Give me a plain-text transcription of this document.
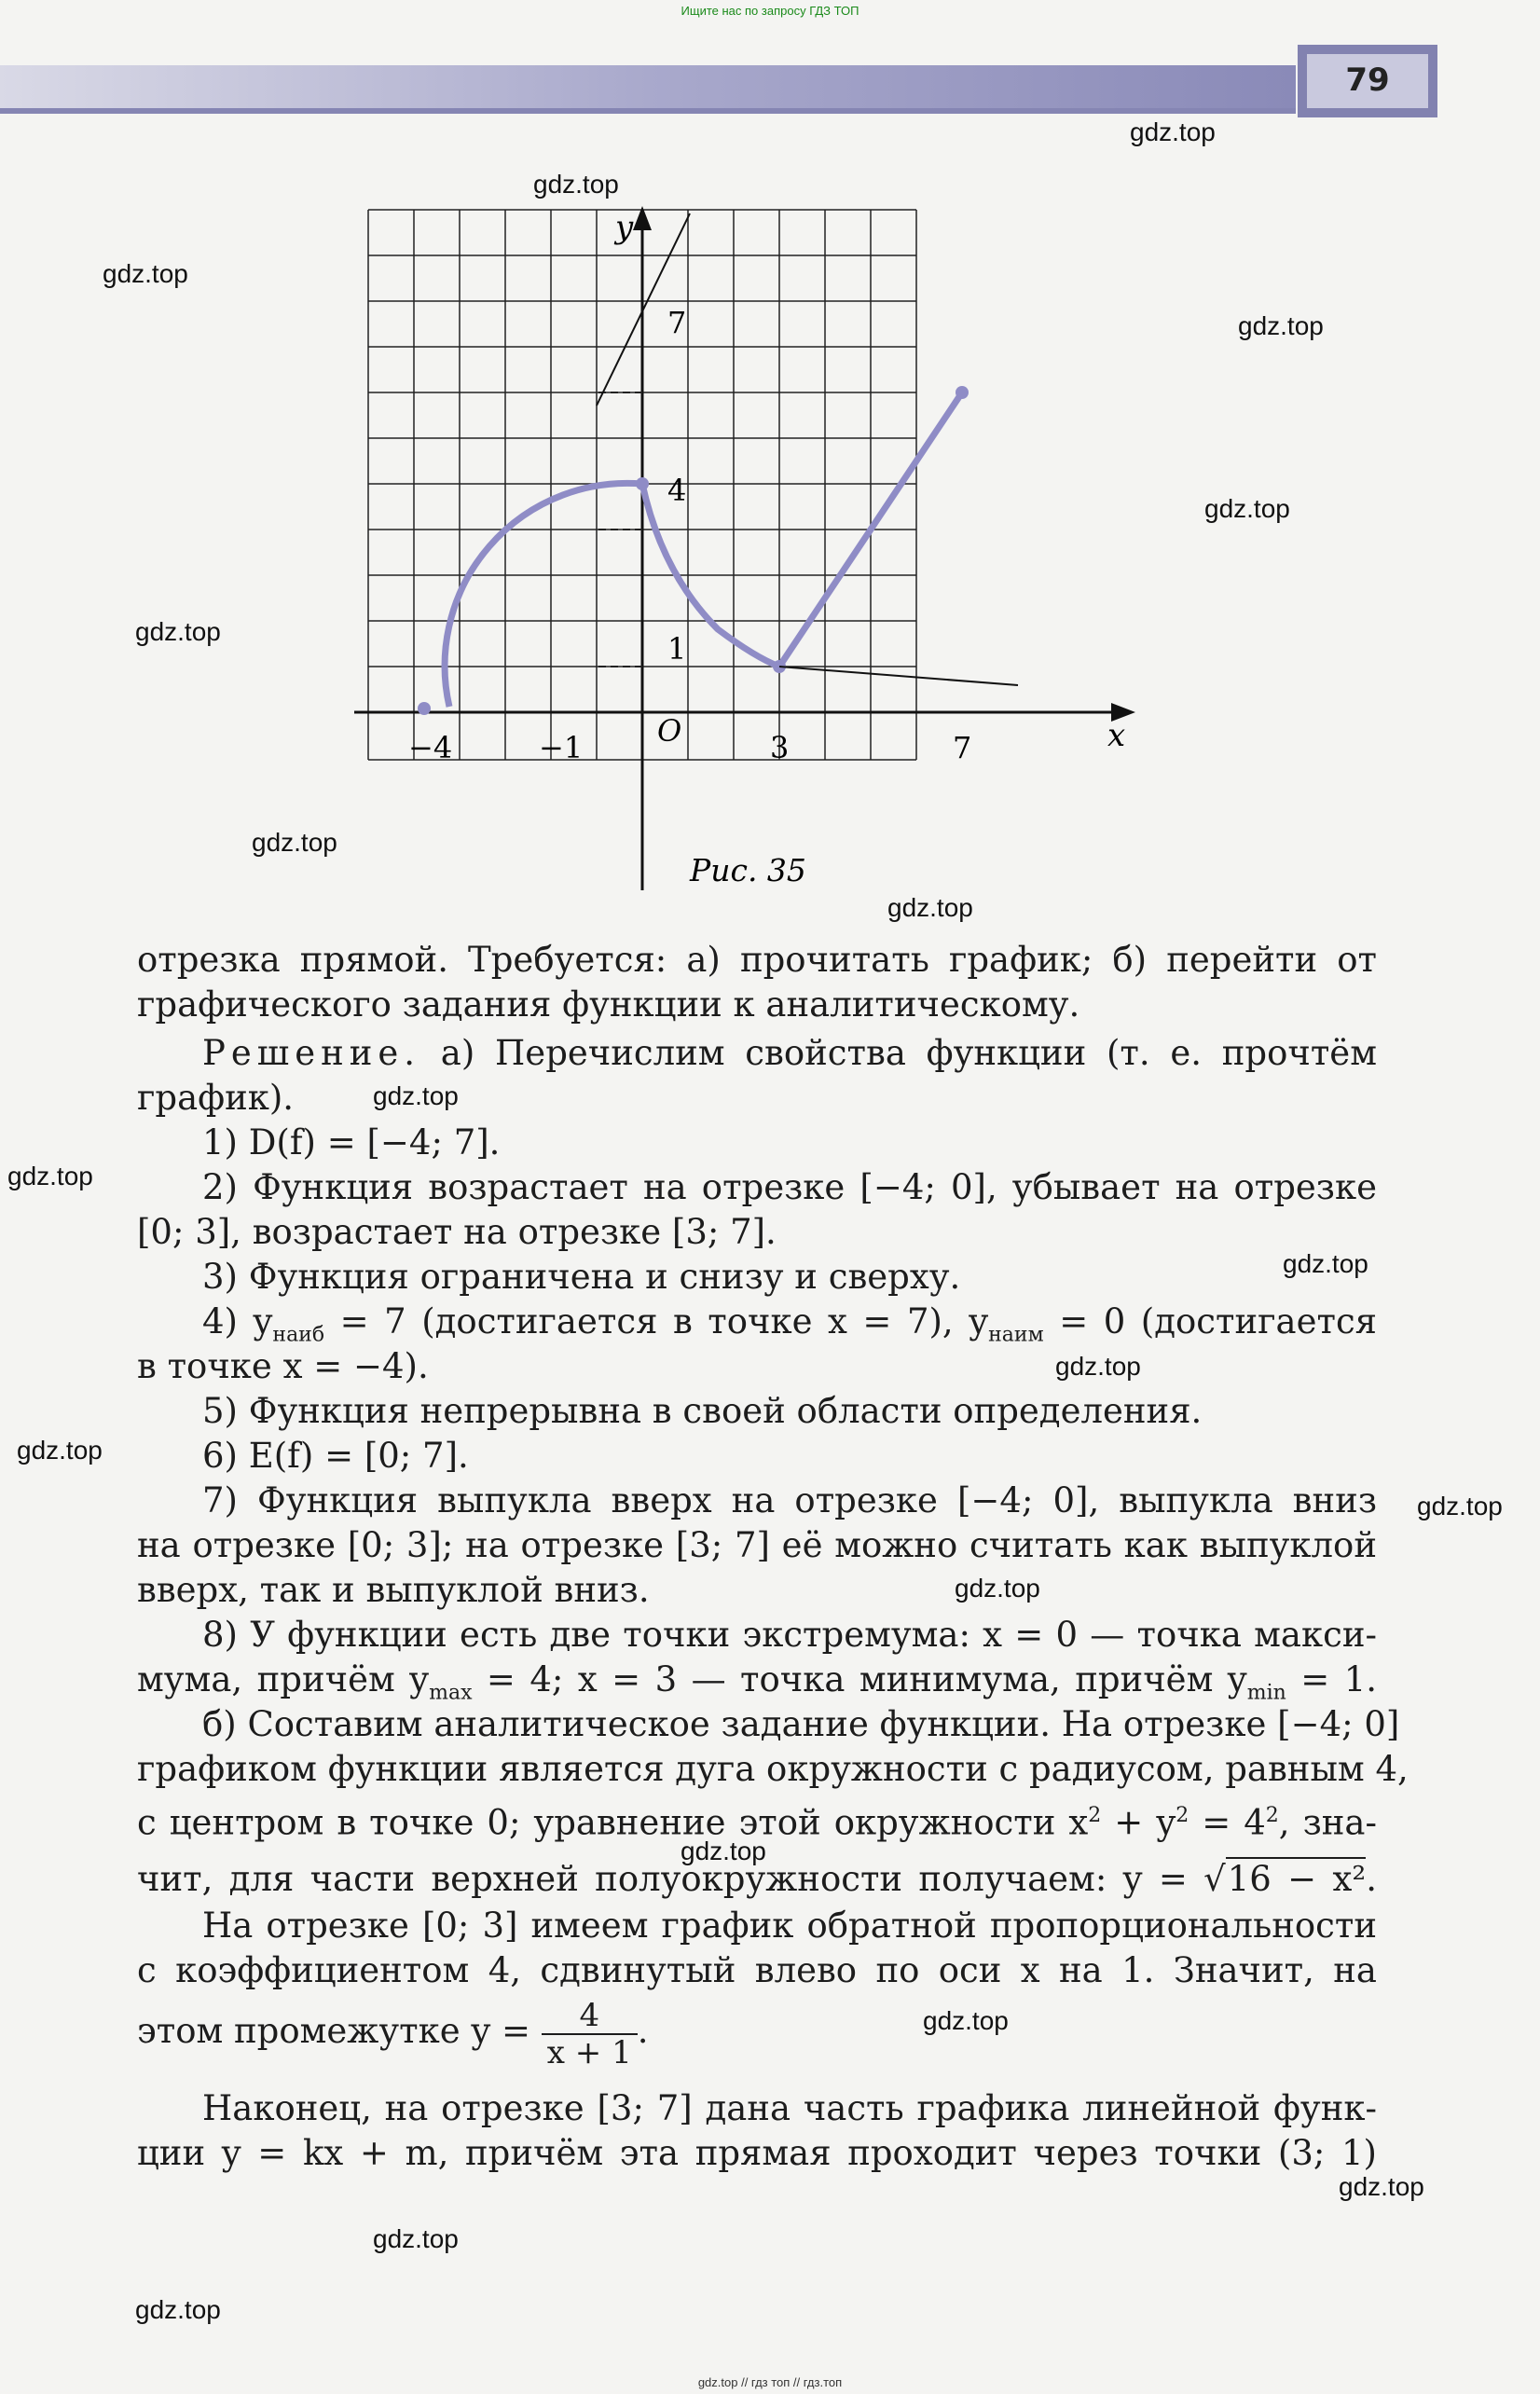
Ищите нас по запросу ГДЗ ТОП
79
y
x
O
−4	−1	3	7
7
4
1
Рис. 35
отрезка прямой. Требуется: а) прочитать график; б) перейти от
графического задания функции к аналитическому.
Решение. а) Перечислим свойства функции (т. е. прочтём
график).
1) D(f) = [−4; 7].
2) Функция возрастает на отрезке [−4; 0], убывает на отрезке
[0; 3], возрастает на отрезке [3; 7].
3) Функция ограничена и снизу и сверху.
4) $y_{наиб} = 7$ (достигается в точке x = 7), $y_{наим} = 0$ (достигается
в точке x = −4).
5) Функция непрерывна в своей области определения.
6) E(f) = [0; 7].
7) Функция выпукла вверх на отрезке [−4; 0], выпукла вниз
на отрезке [0; 3]; на отрезке [3; 7] её можно считать как выпуклой
вверх, так и выпуклой вниз.
8) У функции есть две точки экстремума: x = 0 — точка макси-
мума, причём $y_{max} = 4$; x = 3 — точка минимума, причём $y_{min} = 1$.
б) Составим аналитическое задание функции. На отрезке [−4; 0]
графиком функции является дуга окружности с радиусом, равным 4,
с центром в точке 0; уравнение этой окружности $x^2 + y^2 = 4^2$, зна-
чит, для части верхней полуокружности получаем: y = √16 − x².
На отрезке [0; 3] имеем график обратной пропорциональности
с коэффициентом 4, сдвинутый влево по оси x на 1. Значит, на
этом промежутке $y = \frac{4}{x + 1}$ .
Наконец, на отрезке [3; 7] дана часть графика линейной функ-
ции y = kx + m, причём эта прямая проходит через точки (3; 1)
gdz.top
gdz.top
gdz.top
gdz.top
gdz.top
gdz.top
gdz.top
gdz.top
gdz.top
gdz.top
gdz.top
gdz.top
gdz.top
gdz.top
gdz.top
gdz.top
gdz.top
gdz.top
gdz.top
gdz.top
gdz.top // гдз топ // гдз.топ
